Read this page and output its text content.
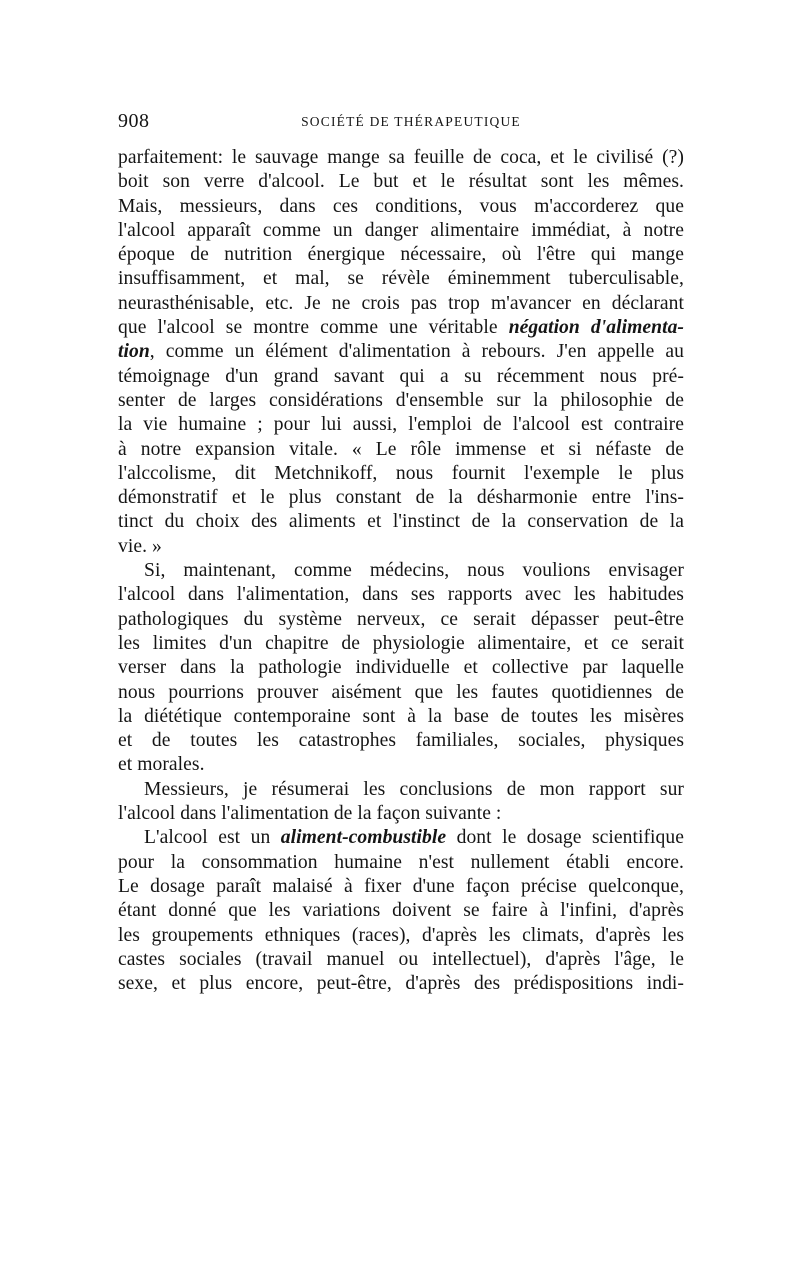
908	SOCIÉTÉ DE THÉRAPEUTIQUE

parfaitement: le sauvage mange sa feuille de coca, et le civilisé (?)
boit son verre d'alcool. Le but et le résultat sont les mêmes.
Mais, messieurs, dans ces conditions, vous m'accorderez que
l'alcool apparaît comme un danger alimentaire immédiat, à notre
époque de nutrition énergique nécessaire, où l'être qui mange
insuffisamment, et mal, se révèle éminemment tuberculisable,
neurasthénisable, etc. Je ne crois pas trop m'avancer en déclarant
que l'alcool se montre comme une véritable négation d'alimenta-
tion, comme un élément d'alimentation à rebours. J'en appelle au
témoignage d'un grand savant qui a su récemment nous pré-
senter de larges considérations d'ensemble sur la philosophie de
la vie humaine ; pour lui aussi, l'emploi de l'alcool est contraire
à notre expansion vitale. « Le rôle immense et si néfaste de
l'alccolisme, dit Metchnikoff, nous fournit l'exemple le plus
démonstratif et le plus constant de la désharmonie entre l'ins-
tinct du choix des aliments et l'instinct de la conservation de la
vie. »

Si, maintenant, comme médecins, nous voulions envisager
l'alcool dans l'alimentation, dans ses rapports avec les habitudes
pathologiques du système nerveux, ce serait dépasser peut-être
les limites d'un chapitre de physiologie alimentaire, et ce serait
verser dans la pathologie individuelle et collective par laquelle
nous pourrions prouver aisément que les fautes quotidiennes de
la diététique contemporaine sont à la base de toutes les misères
et de toutes les catastrophes familiales, sociales, physiques
et morales.

Messieurs, je résumerai les conclusions de mon rapport sur
l'alcool dans l'alimentation de la façon suivante :

L'alcool est un aliment-combustible dont le dosage scientifique
pour la consommation humaine n'est nullement établi encore.
Le dosage paraît malaisé à fixer d'une façon précise quelconque,
étant donné que les variations doivent se faire à l'infini, d'après
les groupements ethniques (races), d'après les climats, d'après les
castes sociales (travail manuel ou intellectuel), d'après l'âge, le
sexe, et plus encore, peut-être, d'après des prédispositions indi-
